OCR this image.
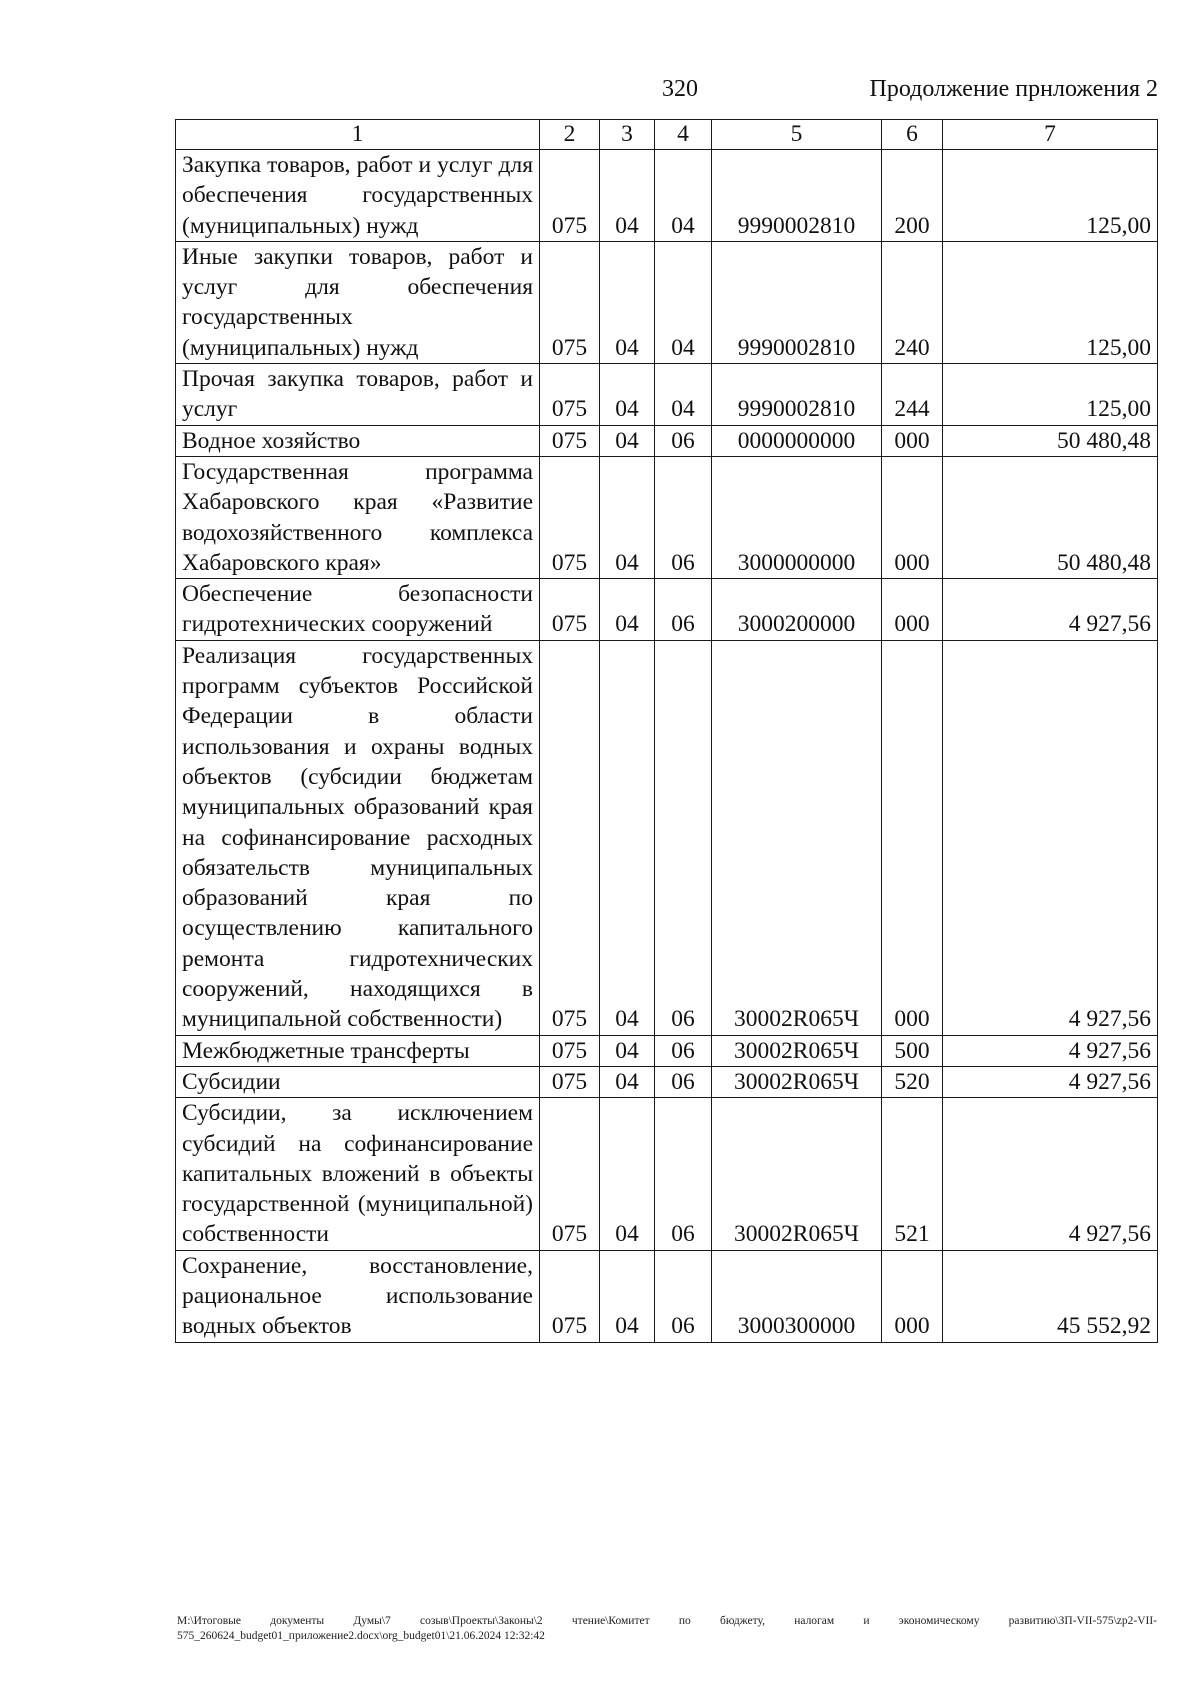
320	Продолжение прнложения 2
1	2	3	4	5	6	7
Закупка товаров, работ и услуг для обеспечения государственных (муниципальных) нужд	075	04	04	9990002810	200	125,00
Иные закупки товаров, работ и услуг для обеспечения государственных (муниципальных) нужд	075	04	04	9990002810	240	125,00
Прочая закупка товаров, работ и услуг	075	04	04	9990002810	244	125,00
Водное хозяйство	075	04	06	0000000000	000	50 480,48
Государственная программа Хабаровского края «Развитие водохозяйственного комплекса Хабаровского края»	075	04	06	3000000000	000	50 480,48
Обеспечение безопасности гидротехнических сооружений	075	04	06	3000200000	000	4 927,56
Реализация государственных программ субъектов Российской Федерации в области использования и охраны водных объектов (субсидии бюджетам муниципальных образований края на софинансирование расходных обязательств муниципальных образований края по осуществлению капитального ремонта гидротехнических сооружений, находящихся в муниципальной собственности)	075	04	06	30002R065Ч	000	4 927,56
Межбюджетные трансферты	075	04	06	30002R065Ч	500	4 927,56
Субсидии	075	04	06	30002R065Ч	520	4 927,56
Субсидии, за исключением субсидий на софинансирование капитальных вложений в объекты государственной (муниципальной) собственности	075	04	06	30002R065Ч	521	4 927,56
Сохранение, восстановление, рациональное использование водных объектов	075	04	06	3000300000	000	45 552,92
M:\Итоговые документы Думы\7 созыв\Проекты\Законы\2 чтение\Комитет по бюджету, налогам и экономическому развитию\ЗП-VII-575\zp2-VII-575_260624_budget01_приложение2.docx\org_budget01\21.06.2024 12:32:42
